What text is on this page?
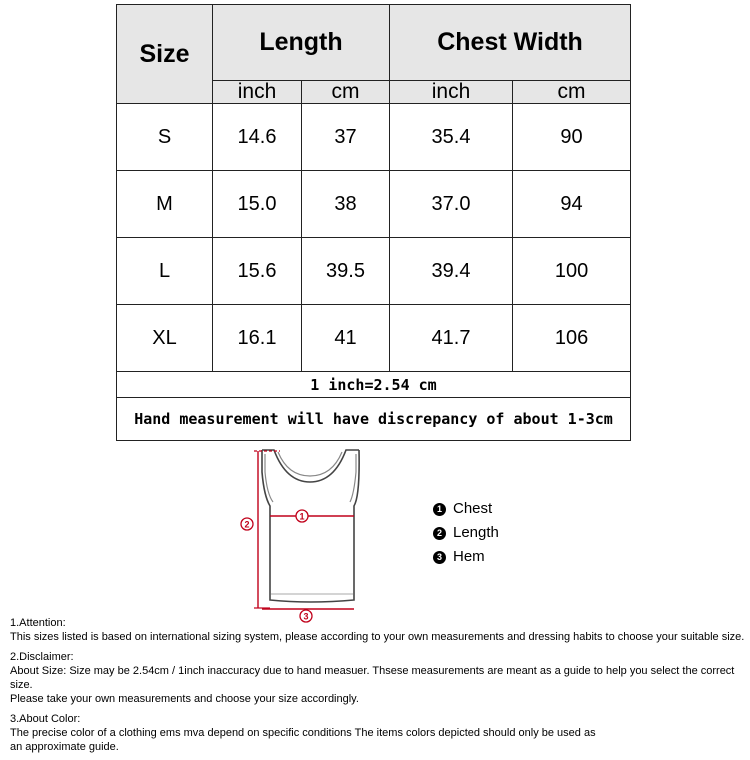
Size	Length		Chest Width	
	inch	cm	inch	cm
S	14.6	37	35.4	90
M	15.0	38	37.0	94
L	15.6	39.5	39.4	100
XL	16.1	41	41.7	106
1 inch=2.54 cm				
Hand measurement will have discrepancy of about 1-3cm				
1
2
3
1 Chest
2 Length
3 Hem

1.Attention:

This sizes listed is based on international sizing system, please according to your own measurements and dressing habits to choose your suitable size.

2.Disclaimer:

About Size: Size may be 2.54cm / 1inch inaccuracy due to hand measuer. Thsese measurements are meant as a guide to help you select the correct size.

Please take your own measurements and choose your size accordingly.

3.About Color:

The precise color of a clothing ems mva depend on specific conditions The items colors depicted should only be used as

an approximate guide.
